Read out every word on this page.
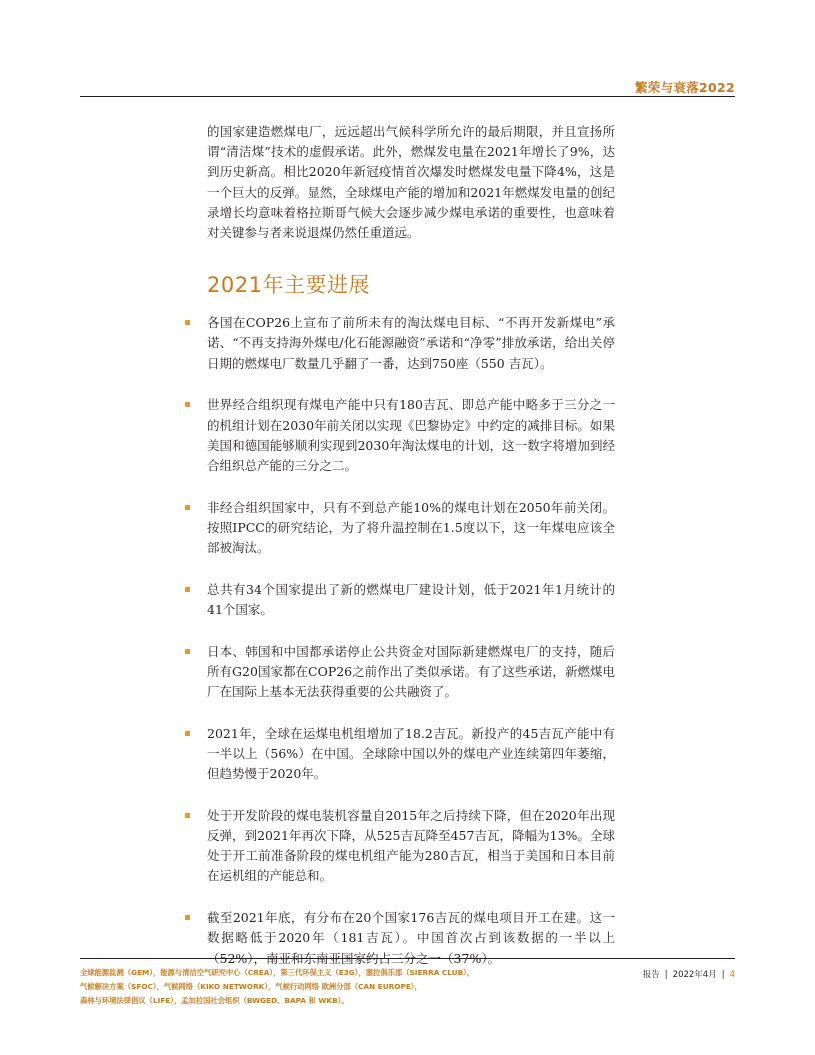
繁荣与衰落2022

的国家建造燃煤电厂，远远超出气候科学所允许的最后期限，并且宣扬所谓“清洁煤”技术的虚假承诺。此外，燃煤发电量在2021年增长了9%，达到历史新高。相比2020年新冠疫情首次爆发时燃煤发电量下降4%，这是一个巨大的反弹。显然，全球煤电产能的增加和2021年燃煤发电量的创纪录增长均意味着格拉斯哥气候大会逐步减少煤电承诺的重要性，也意味着对关键参与者来说退煤仍然任重道远。

2021年主要进展
各国在COP26上宣布了前所未有的淘汰煤电目标、“不再开发新煤电”承诺、“不再支持海外煤电/化石能源融资”承诺和“净零”排放承诺，给出关停日期的燃煤电厂数量几乎翻了一番，达到750座（550 吉瓦）。
世界经合组织现有煤电产能中只有180吉瓦、即总产能中略多于三分之一的机组计划在2030年前关闭以实现《巴黎协定》中约定的减排目标。如果美国和德国能够顺利实现到2030年淘汰煤电的计划，这一数字将增加到经合组织总产能的三分之二。
非经合组织国家中，只有不到总产能10%的煤电计划在2050年前关闭。按照IPCC的研究结论，为了将升温控制在1.5度以下，这一年煤电应该全部被淘汰。
总共有34个国家提出了新的燃煤电厂建设计划，低于2021年1月统计的41个国家。
日本、韩国和中国都承诺停止公共资金对国际新建燃煤电厂的支持，随后所有G20国家都在COP26之前作出了类似承诺。有了这些承诺，新燃煤电厂在国际上基本无法获得重要的公共融资了。
2021年，全球在运煤电机组增加了18.2吉瓦。新投产的45吉瓦产能中有一半以上（56%）在中国。全球除中国以外的煤电产业连续第四年萎缩，但趋势慢于2020年。
处于开发阶段的煤电装机容量自2015年之后持续下降，但在2020年出现反弹，到2021年再次下降，从525吉瓦降至457吉瓦，降幅为13%。全球处于开工前准备阶段的煤电机组产能为280吉瓦，相当于美国和日本目前在运机组的产能总和。
截至2021年底，有分布在20个国家176吉瓦的煤电项目开工在建。这一数据略低于2020年（181吉瓦）。中国首次占到该数据的一半以上（52%），南亚和东南亚国家约占三分之一（37%）。
全球能源监测（GEM），能源与清洁空气研究中心（CREA），第三代环保主义（E3G），塞拉俱乐部（SIERRA CLUB），
气候解决方案（SFOC），气候网络（KIKO NETWORK），气候行动网络 欧洲分部（CAN EUROPE），
森林与环境法律倡议（LIFE），孟加拉国社会组织（BWGED、BAPA 和 WKB）。
报告 | 2022年4月 | 4
